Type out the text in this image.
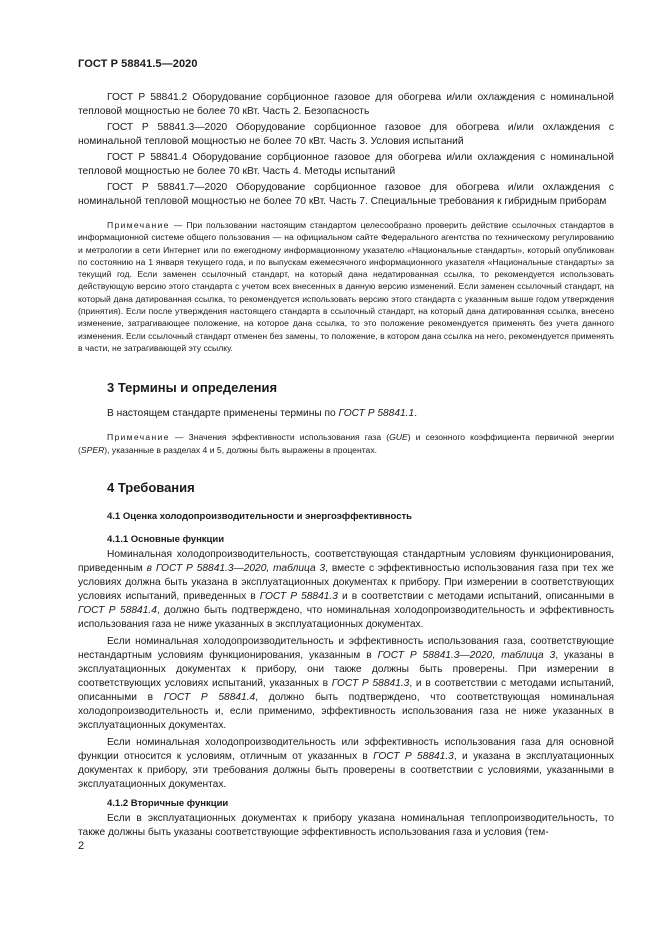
ГОСТ Р 58841.5—2020

ГОСТ Р 58841.2 Оборудование сорбционное газовое для обогрева и/или охлаждения с номинальной тепловой мощностью не более 70 кВт. Часть 2. Безопасность

ГОСТ Р 58841.3—2020 Оборудование сорбционное газовое для обогрева и/или охлаждения с номинальной тепловой мощностью не более 70 кВт. Часть 3. Условия испытаний

ГОСТ Р 58841.4 Оборудование сорбционное газовое для обогрева и/или охлаждения с номинальной тепловой мощностью не более 70 кВт. Часть 4. Методы испытаний

ГОСТ Р 58841.7—2020 Оборудование сорбционное газовое для обогрева и/или охлаждения с номинальной тепловой мощностью не более 70 кВт. Часть 7. Специальные требования к гибридным приборам

Примечание — При пользовании настоящим стандартом целесообразно проверить действие ссылочных стандартов в информационной системе общего пользования — на официальном сайте Федерального агентства по техническому регулированию и метрологии в сети Интернет или по ежегодному информационному указателю «Национальные стандарты», который опубликован по состоянию на 1 января текущего года, и по выпускам ежемесячного информационного указателя «Национальные стандарты» за текущий год. Если заменен ссылочный стандарт, на который дана недатированная ссылка, то рекомендуется использовать действующую версию этого стандарта с учетом всех внесенных в данную версию изменений. Если заменен ссылочный стандарт, на который дана датированная ссылка, то рекомендуется использовать версию этого стандарта с указанным выше годом утверждения (принятия). Если после утверждения настоящего стандарта в ссылочный стандарт, на который дана датированная ссылка, внесено изменение, затрагивающее положение, на которое дана ссылка, то это положение рекомендуется применять без учета данного изменения. Если ссылочный стандарт отменен без замены, то положение, в котором дана ссылка на него, рекомендуется применять в части, не затрагивающей эту ссылку.

3 Термины и определения

В настоящем стандарте применены термины по ГОСТ Р 58841.1.

Примечание — Значения эффективности использования газа (GUE) и сезонного коэффициента первичной энергии (SPER), указанные в разделах 4 и 5, должны быть выражены в процентах.

4 Требования
4.1 Оценка холодопроизводительности и энергоэффективность
4.1.1 Основные функции

Номинальная холодопроизводительность, соответствующая стандартным условиям функционирования, приведенным в ГОСТ Р 58841.3—2020, таблица 3, вместе с эффективностью использования газа при тех же условиях должна быть указана в эксплуатационных документах к прибору. При измерении в соответствующих условиях испытаний, приведенных в ГОСТ Р 58841.3 и в соответствии с методами испытаний, описанными в ГОСТ Р 58841.4, должно быть подтверждено, что номинальная холодопроизводительность и эффективность использования газа не ниже указанных в эксплуатационных документах.

Если номинальная холодопроизводительность и эффективность использования газа, соответствующие нестандартным условиям функционирования, указанным в ГОСТ Р 58841.3—2020, таблица 3, указаны в эксплуатационных документах к прибору, они также должны быть проверены. При измерении в соответствующих условиях испытаний, указанных в ГОСТ Р 58841.3, и в соответствии с методами испытаний, описанными в ГОСТ Р 58841.4, должно быть подтверждено, что соответствующая номинальная холодопроизводительность и, если применимо, эффективность использования газа не ниже указанных в эксплуатационных документах.

Если номинальная холодопроизводительность или эффективность использования газа для основной функции относится к условиям, отличным от указанных в ГОСТ Р 58841.3, и указана в эксплуатационных документах к прибору, эти требования должны быть проверены в соответствии с условиями, указанными в эксплуатационных документах.

4.1.2 Вторичные функции

Если в эксплуатационных документах к прибору указана номинальная теплопроизводительность, то также должны быть указаны соответствующие эффективность использования газа и условия (тем-

2
